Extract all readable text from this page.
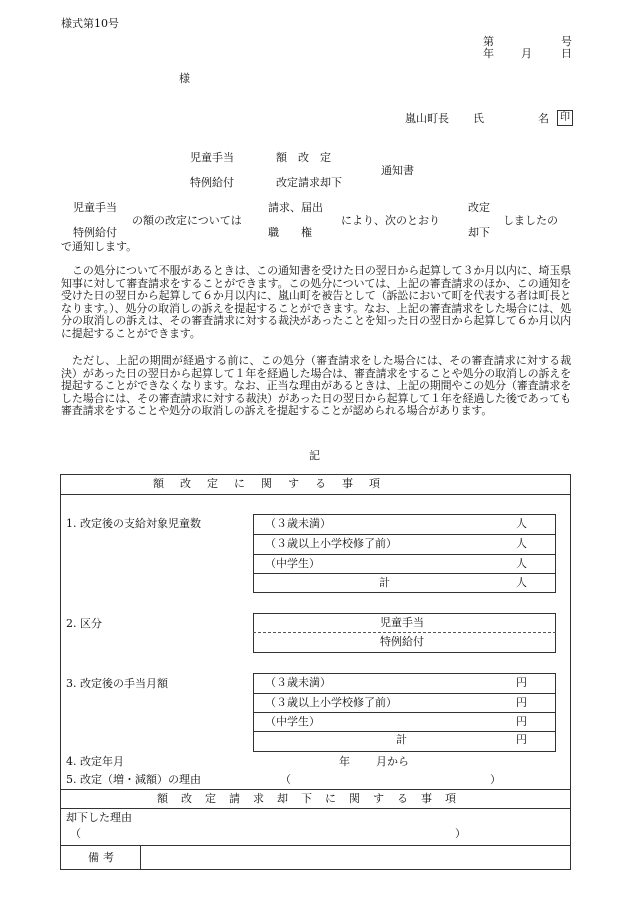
様式第10号
第	号
年 月	日
様
嵐山町長 氏	名	印
児童手当
特例給付
額　改　定
改定請求却下
通知書
児童手当
特例給付
の額の改定については
請求、届出
職　　権
により、次のとおり
改定
却下
しましたの
で通知します。
この処分について不服があるときは、この通知書を受けた日の翌日から起算して３か月以内に、埼玉県知事に対して審査請求をすることができます。この処分については、上記の審査請求のほか、この通知を受けた日の翌日から起算して６か月以内に、嵐山町を被告として（訴訟において町を代表する者は町長となります。）、処分の取消しの訴えを提起することができます。なお、上記の審査請求をした場合には、処分の取消しの訴えは、その審査請求に対する裁決があったことを知った日の翌日から起算して６か月以内に提起することができます。
ただし、上記の期間が経過する前に、この処分（審査請求をした場合には、その審査請求に対する裁決）があった日の翌日から起算して１年を経過した場合は、審査請求をすることや処分の取消しの訴えを提起することができなくなります。なお、正当な理由があるときは、上記の期間やこの処分（審査請求をした場合には、その審査請求に対する裁決）があった日の翌日から起算して１年を経過した後であっても審査請求をすることや処分の取消しの訴えを提起することが認められる場合があります。
記
額改定に関する事項
1. 改定後の支給対象児童数	（３歳未満）	人
（３歳以上小学校修了前）	人
（中学生）	人
計	人
2. 区分	児童手当
特例給付
3. 改定後の手当月額	（３歳未満）	円
（３歳以上小学校修了前）	円
（中学生）	円
計	円
4. 改定年月	年 月から
5. 改定（増・減額）の理由	（	）
額改定請求却下に関する事項
却下した理由
（	）
備考
